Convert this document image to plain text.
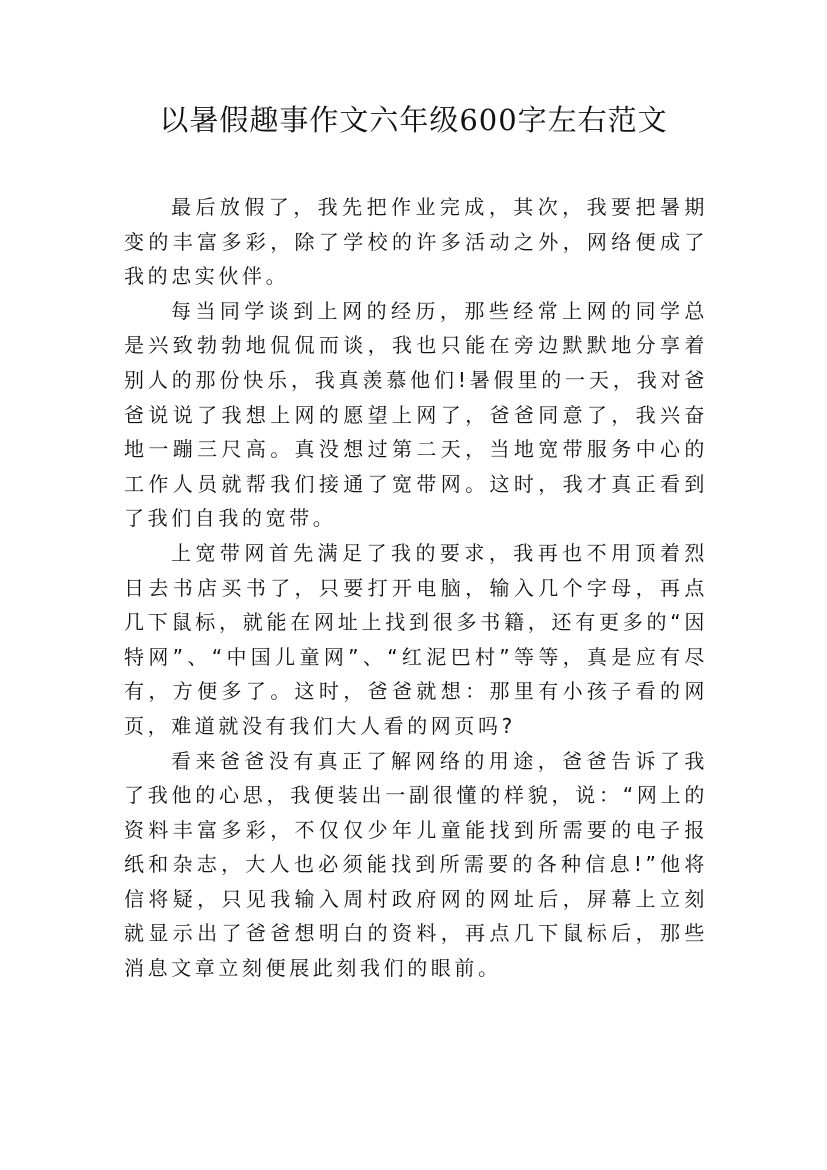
以暑假趣事作文六年级600字左右范文

最后放假了，我先把作业完成，其次，我要把暑期变的丰富多彩，除了学校的许多活动之外，网络便成了我的忠实伙伴。

每当同学谈到上网的经历，那些经常上网的同学总是兴致勃勃地侃侃而谈，我也只能在旁边默默地分享着别人的那份快乐，我真羡慕他们!暑假里的一天，我对爸爸说说了我想上网的愿望上网了，爸爸同意了，我兴奋地一蹦三尺高。真没想过第二天，当地宽带服务中心的工作人员就帮我们接通了宽带网。这时，我才真正看到了我们自我的宽带。

上宽带网首先满足了我的要求，我再也不用顶着烈日去书店买书了，只要打开电脑，输入几个字母，再点几下鼠标，就能在网址上找到很多书籍，还有更多的“因特网”、“中国儿童网”、“红泥巴村”等等，真是应有尽有，方便多了。这时，爸爸就想：那里有小孩子看的网页，难道就没有我们大人看的网页吗?

看来爸爸没有真正了解网络的用途，爸爸告诉了我了我他的心思，我便装出一副很懂的样貌，说：“网上的资料丰富多彩，不仅仅少年儿童能找到所需要的电子报纸和杂志，大人也必须能找到所需要的各种信息!”他将信将疑，只见我输入周村政府网的网址后，屏幕上立刻就显示出了爸爸想明白的资料，再点几下鼠标后，那些消息文章立刻便展此刻我们的眼前。
